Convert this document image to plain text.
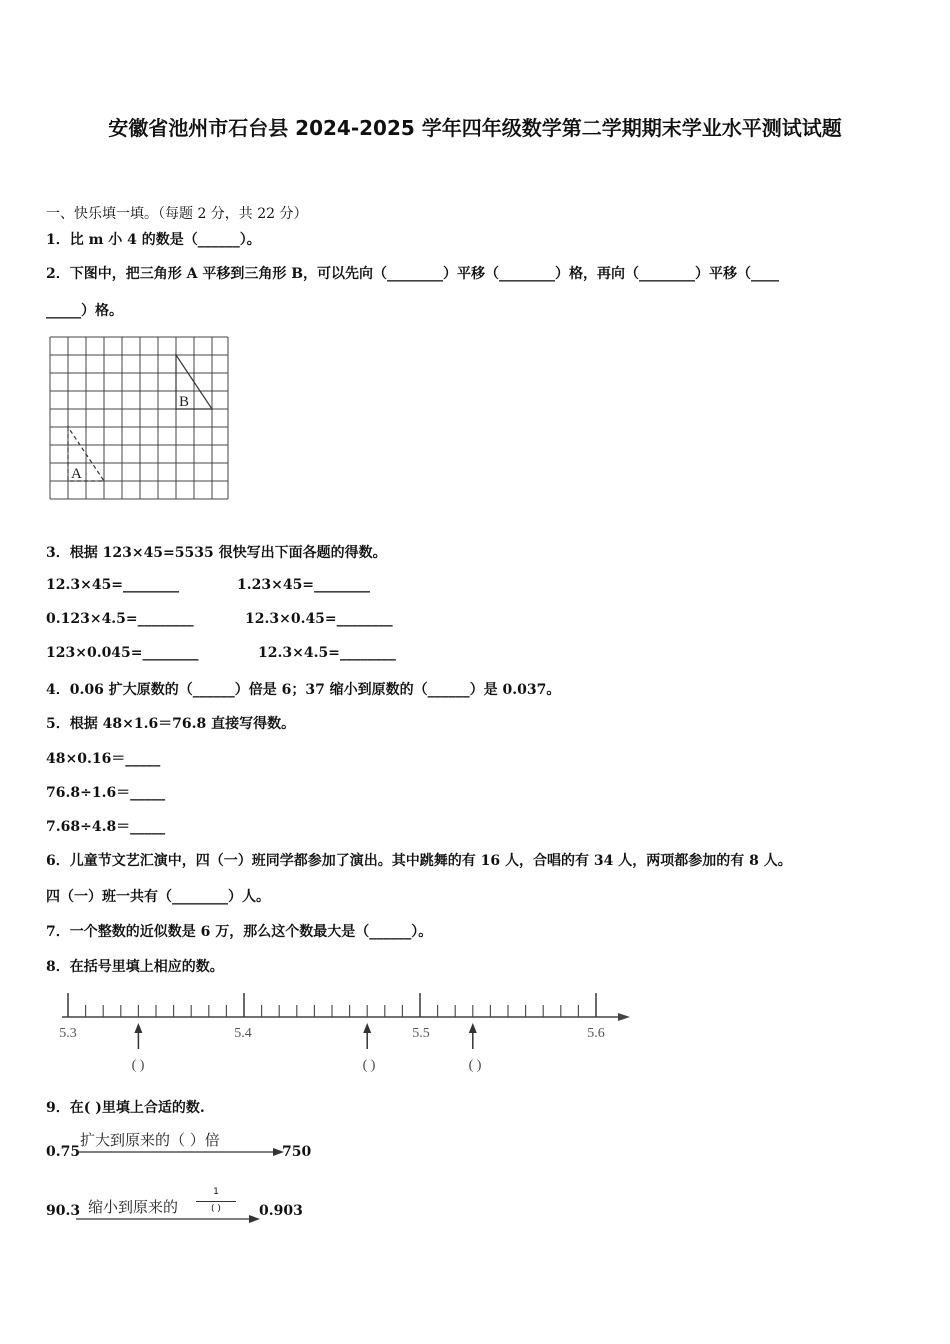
安徽省池州市石台县 2024-2025 学年四年级数学第二学期期末学业水平测试试题
一、快乐填一填。（每题 2 分，共 22 分）
1．比 m 小 4 的数是（______）。
2．下图中，把三角形 A 平移到三角形 B，可以先向（________）平移（________）格，再向（________）平移（____
_____）格。
B
A
3．根据 123×45=5535 很快写出下面各题的得数。
12.3×45=________	1.23×45=________
0.123×4.5=________	12.3×0.45=________
123×0.045=________	12.3×4.5=________
4．0.06 扩大原数的（______）倍是 6；37 缩小到原数的（______）是 0.037。
5．根据 48×1.6＝76.8 直接写得数。
48×0.16＝_____
76.8÷1.6＝_____
7.68÷4.8＝_____
6．儿童节文艺汇演中，四（一）班同学都参加了演出。其中跳舞的有 16 人，合唱的有 34 人，两项都参加的有 8 人。
四（一）班一共有（________）人。
7．一个整数的近似数是 6 万，那么这个数最大是（______）。
8．在括号里填上相应的数。
5.3	5.4	5.5	5.6
( )	( )	( )
9．在( )里填上合适的数.
0.75
扩大到原来的（ ）倍
750
90.3 缩小到原来的
1
( )	0.903
